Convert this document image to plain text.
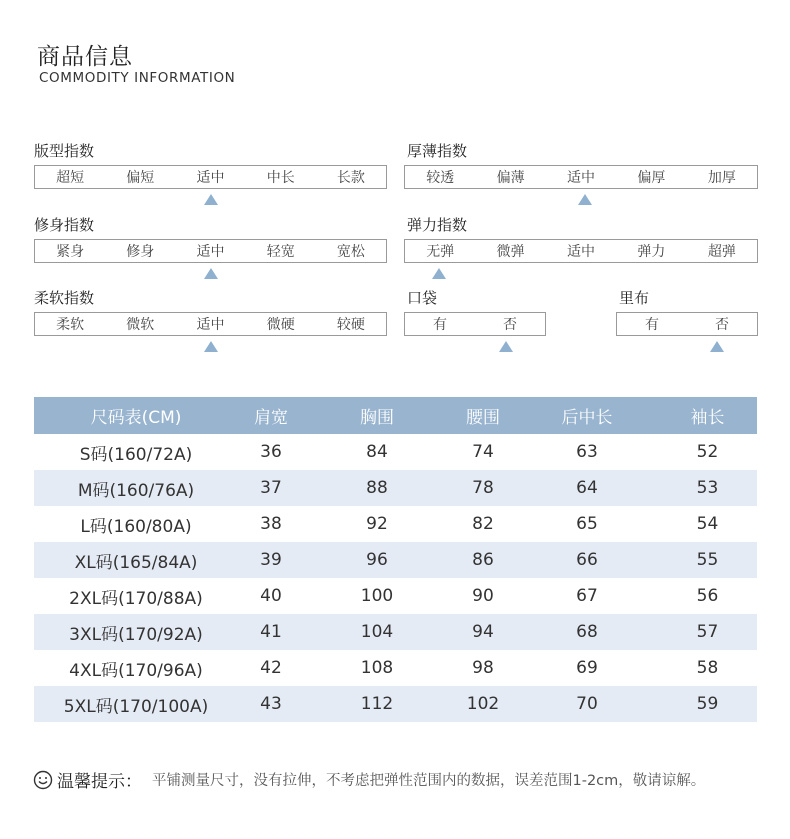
商品信息
COMMODITY INFORMATION
版型指数
超短	偏短	适中	中长	长款
厚薄指数
较透	偏薄	适中	偏厚	加厚
修身指数
紧身	修身	适中	轻宽	宽松
弹力指数
无弹	微弹	适中	弹力	超弹
柔软指数
柔软	微软	适中	微硬	较硬
口袋
有	否
里布
有	否
尺码表(CM)	肩宽	胸围	腰围	后中长	袖长
S码(160/72A)	36	84	74	63	52
M码(160/76A)	37	88	78	64	53
L码(160/80A)	38	92	82	65	54
XL码(165/84A)	39	96	86	66	55
2XL码(170/88A)	40	100	90	67	56
3XL码(170/92A)	41	104	94	68	57
4XL码(170/96A)	42	108	98	69	58
5XL码(170/100A)	43	112	102	70	59
温馨提示： 平铺测量尺寸，没有拉伸，不考虑把弹性范围内的数据，误差范围1-2cm，敬请谅解。
